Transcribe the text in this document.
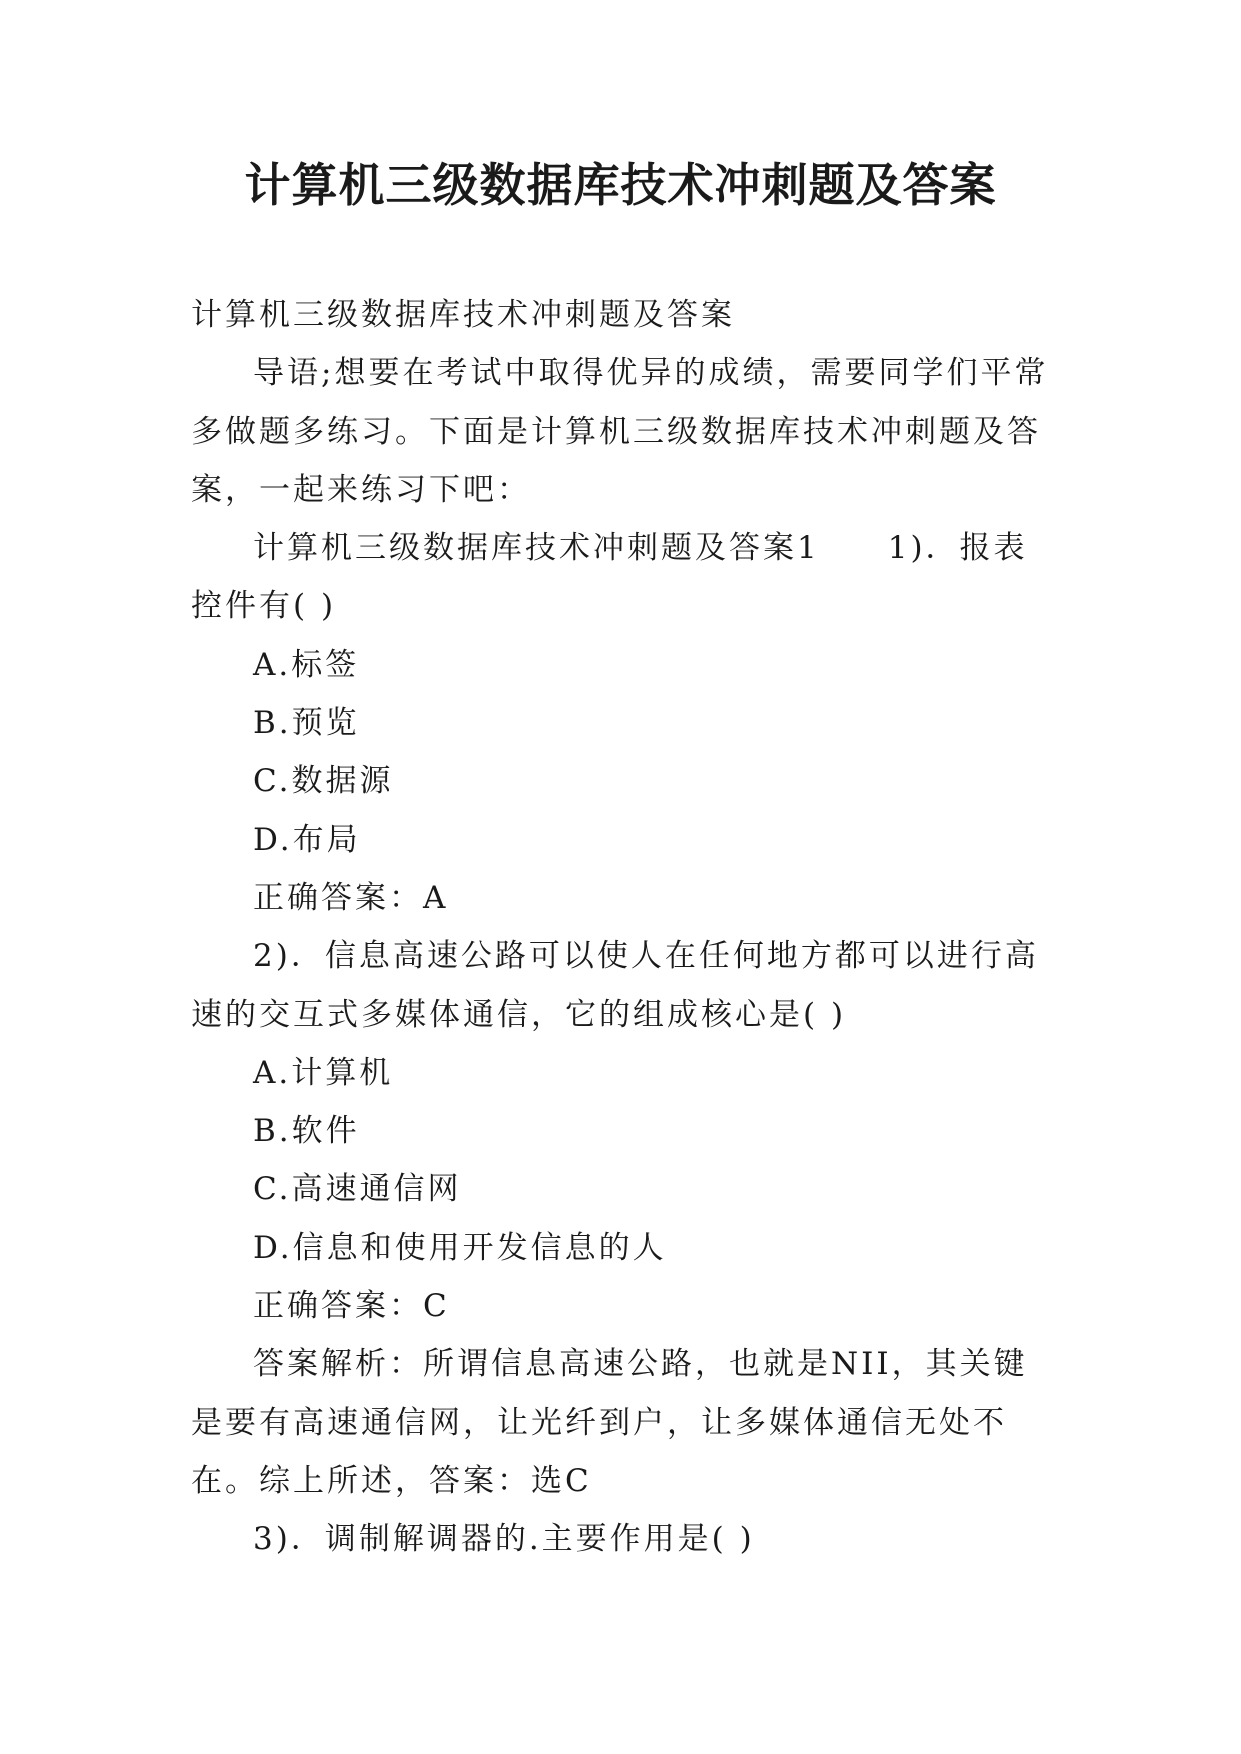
计算机三级数据库技术冲刺题及答案

计算机三级数据库技术冲刺题及答案

导语;想要在考试中取得优异的成绩，需要同学们平常多做题多练习。下面是计算机三级数据库技术冲刺题及答案，一起来练习下吧：

计算机三级数据库技术冲刺题及答案1　　1)．报表控件有( )

A.标签

B.预览

C.数据源

D.布局

正确答案：A

2)．信息高速公路可以使人在任何地方都可以进行高速的交互式多媒体通信，它的组成核心是( )

A.计算机

B.软件

C.高速通信网

D.信息和使用开发信息的人

正确答案：C

答案解析：所谓信息高速公路，也就是NII，其关键是要有高速通信网，让光纤到户，让多媒体通信无处不在。综上所述，答案：选C

3)．调制解调器的.主要作用是( )
